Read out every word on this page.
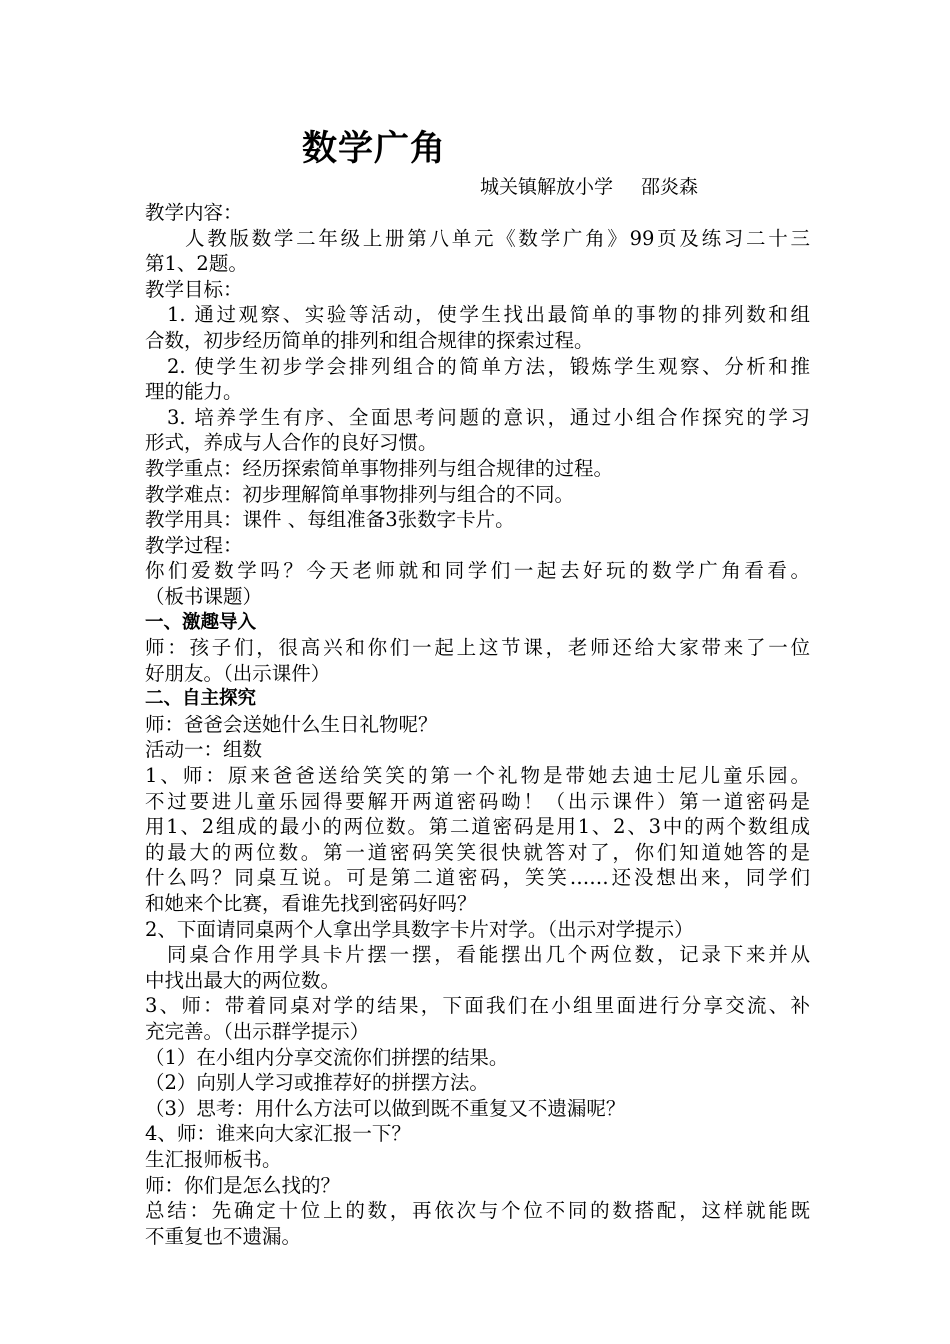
数学广角
城关镇解放小学 邵炎森
教学内容：
人教版数学二年级上册第八单元《数学广角》99页及练习二十三
第1、2题。
教学目标：
1. 通过观察、实验等活动，使学生找出最简单的事物的排列数和组
合数，初步经历简单的排列和组合规律的探索过程。
2. 使学生初步学会排列组合的简单方法，锻炼学生观察、分析和推
理的能力。
3. 培养学生有序、全面思考问题的意识，通过小组合作探究的学习
形式，养成与人合作的良好习惯。
教学重点：经历探索简单事物排列与组合规律的过程。
教学难点：初步理解简单事物排列与组合的不同。
教学用具：课件 、每组准备3张数字卡片。
教学过程：
你们爱数学吗？今天老师就和同学们一起去好玩的数学广角看看。
（板书课题）
一、激趣导入
师：孩子们，很高兴和你们一起上这节课，老师还给大家带来了一位
好朋友。（出示课件）
二、自主探究
师：爸爸会送她什么生日礼物呢？
活动一：组数
1、师：原来爸爸送给笑笑的第一个礼物是带她去迪士尼儿童乐园。
不过要进儿童乐园得要解开两道密码呦！（出示课件）第一道密码是
用1、2组成的最小的两位数。第二道密码是用1、2、3中的两个数组成
的最大的两位数。第一道密码笑笑很快就答对了，你们知道她答的是
什么吗？同桌互说。可是第二道密码，笑笑……还没想出来，同学们
和她来个比赛，看谁先找到密码好吗？
2、下面请同桌两个人拿出学具数字卡片对学。（出示对学提示）
同桌合作用学具卡片摆一摆，看能摆出几个两位数，记录下来并从
中找出最大的两位数。
3、师：带着同桌对学的结果，下面我们在小组里面进行分享交流、补
充完善。（出示群学提示）
（1）在小组内分享交流你们拼摆的结果。
（2）向别人学习或推荐好的拼摆方法。
（3）思考：用什么方法可以做到既不重复又不遗漏呢？
4、师：谁来向大家汇报一下？
生汇报师板书。
师：你们是怎么找的？
总结：先确定十位上的数，再依次与个位不同的数搭配，这样就能既
不重复也不遗漏。
